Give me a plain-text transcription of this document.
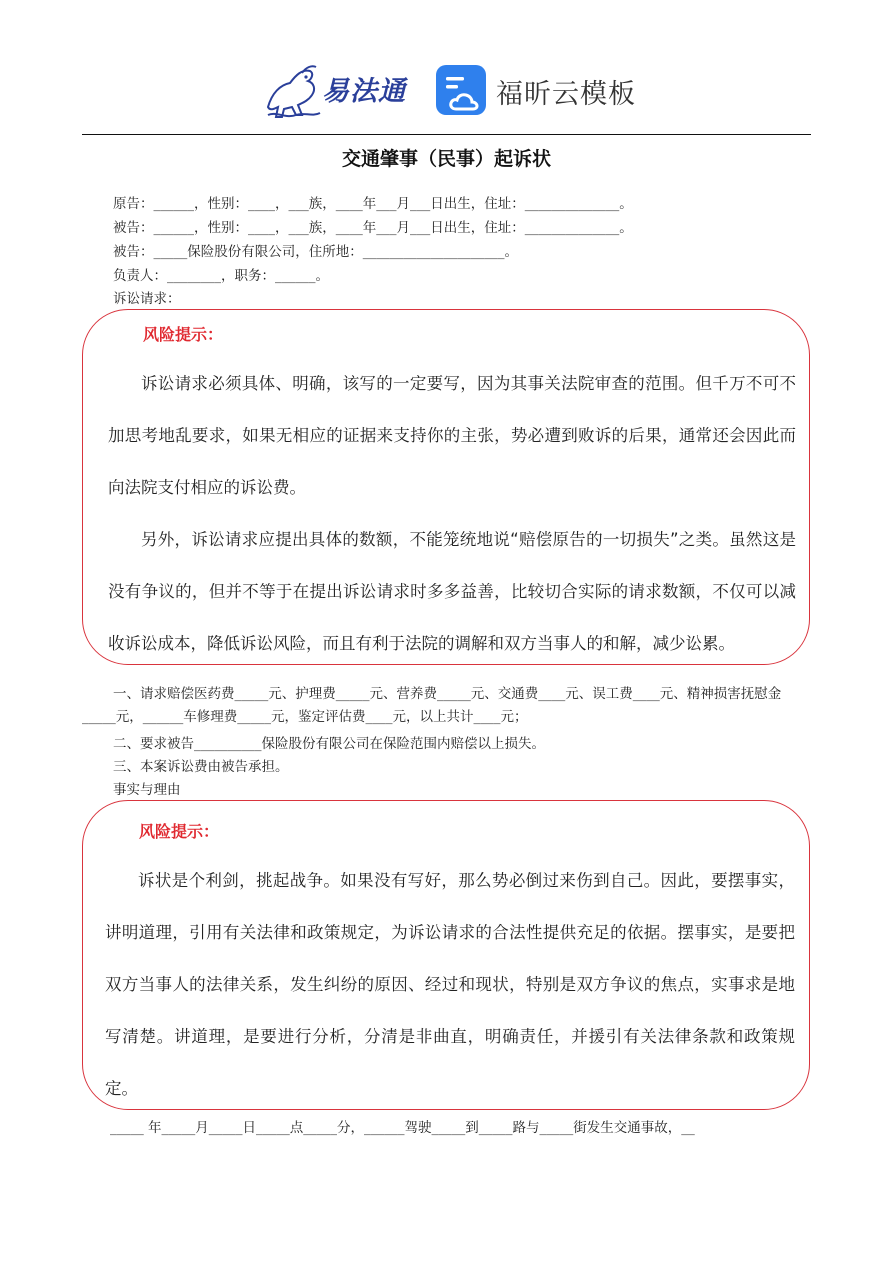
易法通	福昕云模板
交通肇事（民事）起诉状
原告：______，性别：____，___族，____年___月___日出生，住址：______________。
被告：______，性别：____，___族，____年___月___日出生，住址：______________。
被告：_____保险股份有限公司，住所地：_____________________。
负责人：________，职务：______。
诉讼请求：
风险提示：
诉讼请求必须具体、明确，该写的一定要写，因为其事关法院审查的范围。但千万不可不加思考地乱要求，如果无相应的证据来支持你的主张，势必遭到败诉的后果，通常还会因此而向法院支付相应的诉讼费。
另外，诉讼请求应提出具体的数额，不能笼统地说“赔偿原告的一切损失”之类。虽然这是没有争议的，但并不等于在提出诉讼请求时多多益善，比较切合实际的请求数额，不仅可以减收诉讼成本，降低诉讼风险，而且有利于法院的调解和双方当事人的和解，减少讼累。
一、请求赔偿医药费_____元、护理费_____元、营养费_____元、交通费____元、误工费____元、精神损害抚慰金_____元，______车修理费_____元，鉴定评估费____元，以上共计____元；
二、要求被告__________保险股份有限公司在保险范围内赔偿以上损失。
三、本案诉讼费由被告承担。
事实与理由
风险提示：
诉状是个利剑，挑起战争。如果没有写好，那么势必倒过来伤到自己。因此，要摆事实，讲明道理，引用有关法律和政策规定，为诉讼请求的合法性提供充足的依据。摆事实，是要把双方当事人的法律关系，发生纠纷的原因、经过和现状，特别是双方争议的焦点，实事求是地写清楚。讲道理，是要进行分析，分清是非曲直，明确责任，并援引有关法律条款和政策规定。
_____ 年_____月_____日_____点_____分，______驾驶_____到_____路与_____街发生交通事故，__
